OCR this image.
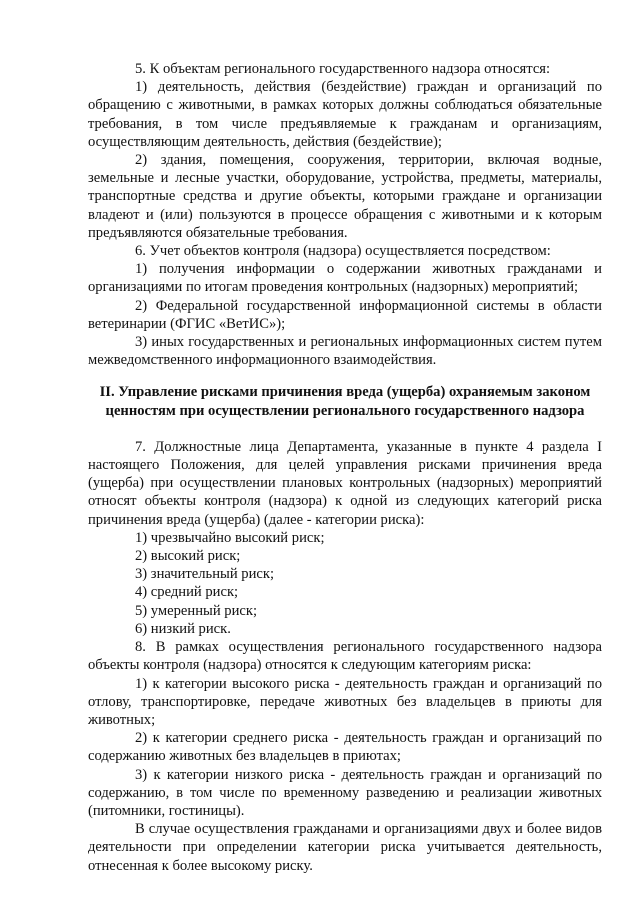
5. К объектам регионального государственного надзора относятся:

1) деятельность, действия (бездействие) граждан и организаций по обращению с животными, в рамках которых должны соблюдаться обязательные требования, в том числе предъявляемые к гражданам и организациям, осуществляющим деятельность, действия (бездействие);

2) здания, помещения, сооружения, территории, включая водные, земельные и лесные участки, оборудование, устройства, предметы, материалы, транспортные средства и другие объекты, которыми граждане и организации владеют и (или) пользуются в процессе обращения с животными и к которым предъявляются обязательные требования.

6. Учет объектов контроля (надзора) осуществляется посредством:

1) получения информации о содержании животных гражданами и организациями по итогам проведения контрольных (надзорных) мероприятий;

2) Федеральной государственной информационной системы в области ветеринарии (ФГИС «ВетИС»);

3) иных государственных и региональных информационных систем путем межведомственного информационного взаимодействия.

II. Управление рисками причинения вреда (ущерба) охраняемым законом
ценностям при осуществлении регионального государственного надзора

7. Должностные лица Департамента, указанные в пункте 4 раздела I настоящего Положения, для целей управления рисками причинения вреда (ущерба) при осуществлении плановых контрольных (надзорных) мероприятий относят объекты контроля (надзора) к одной из следующих категорий риска причинения вреда (ущерба) (далее - категории риска):

1) чрезвычайно высокий риск;

2) высокий риск;

3) значительный риск;

4) средний риск;

5) умеренный риск;

6) низкий риск.

8. В рамках осуществления регионального государственного надзора объекты контроля (надзора) относятся к следующим категориям риска:

1) к категории высокого риска - деятельность граждан и организаций по отлову, транспортировке, передаче животных без владельцев в приюты для животных;

2) к категории среднего риска - деятельность граждан и организаций по содержанию животных без владельцев в приютах;

3) к категории низкого риска - деятельность граждан и организаций по содержанию, в том числе по временному разведению и реализации животных (питомники, гостиницы).

В случае осуществления гражданами и организациями двух и более видов деятельности при определении категории риска учитывается деятельность, отнесенная к более высокому риску.
